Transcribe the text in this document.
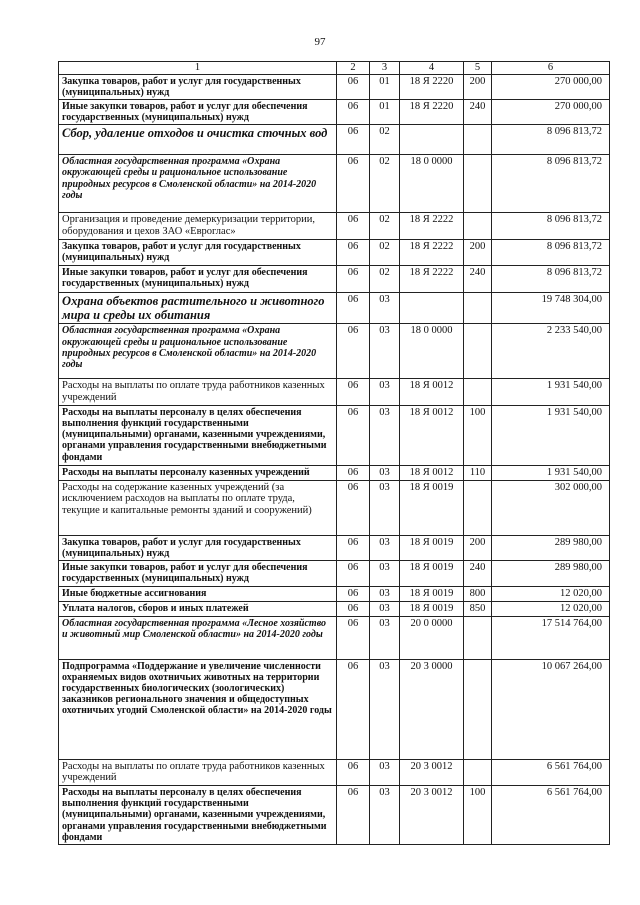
97
1	2	3	4	5	6
Закупка товаров, работ и услуг для государственных (муниципальных) нужд	06	01	18 Я 2220	200	270 000,00
Иные закупки товаров, работ и услуг для обеспечения государственных (муниципальных) нужд	06	01	18 Я 2220	240	270 000,00
Сбор, удаление отходов и очистка сточных вод	06	02			8 096 813,72
Областная государственная программа «Охрана окружающей среды и рациональное использование природных ресурсов в Смоленской области» на 2014-2020 годы	06	02	18 0 0000		8 096 813,72
Организация и проведение демеркуризации территории, оборудования и цехов ЗАО «Евроглас»	06	02	18 Я 2222		8 096 813,72
Закупка товаров, работ и услуг для государственных (муниципальных) нужд	06	02	18 Я 2222	200	8 096 813,72
Иные закупки товаров, работ и услуг для обеспечения государственных (муниципальных) нужд	06	02	18 Я 2222	240	8 096 813,72
Охрана объектов растительного и животного мира и среды их обитания	06	03			19 748 304,00
Областная государственная программа «Охрана окружающей среды и рациональное использование природных ресурсов в Смоленской области» на 2014-2020 годы	06	03	18 0 0000		2 233 540,00
Расходы на выплаты по оплате труда работников казенных учреждений	06	03	18 Я 0012		1 931 540,00
Расходы на выплаты персоналу в целях обеспечения выполнения функций государственными (муниципальными) органами, казенными учреждениями, органами управления государственными внебюджетными фондами	06	03	18 Я 0012	100	1 931 540,00
Расходы на выплаты персоналу казенных учреждений	06	03	18 Я 0012	110	1 931 540,00
Расходы на содержание казенных учреждений (за исключением расходов на выплаты по оплате труда, текущие и капитальные ремонты зданий и сооружений)	06	03	18 Я 0019		302 000,00
Закупка товаров, работ и услуг для государственных (муниципальных) нужд	06	03	18 Я 0019	200	289 980,00
Иные закупки товаров, работ и услуг для обеспечения государственных (муниципальных) нужд	06	03	18 Я 0019	240	289 980,00
Иные бюджетные ассигнования	06	03	18 Я 0019	800	12 020,00
Уплата налогов, сборов и иных платежей	06	03	18 Я 0019	850	12 020,00
Областная государственная программа «Лесное хозяйство и животный мир Смоленской области» на 2014-2020 годы	06	03	20 0 0000		17 514 764,00
Подпрограмма «Поддержание и увеличение численности охраняемых видов охотничьих животных на территории государственных биологических (зоологических) заказников регионального значения и общедоступных охотничьих угодий Смоленской области» на 2014-2020 годы	06	03	20 3 0000		10 067 264,00
Расходы на выплаты по оплате труда работников казенных учреждений	06	03	20 3 0012		6 561 764,00
Расходы на выплаты персоналу в целях обеспечения выполнения функций государственными (муниципальными) органами, казенными учреждениями, органами управления государственными внебюджетными фондами	06	03	20 3 0012	100	6 561 764,00
